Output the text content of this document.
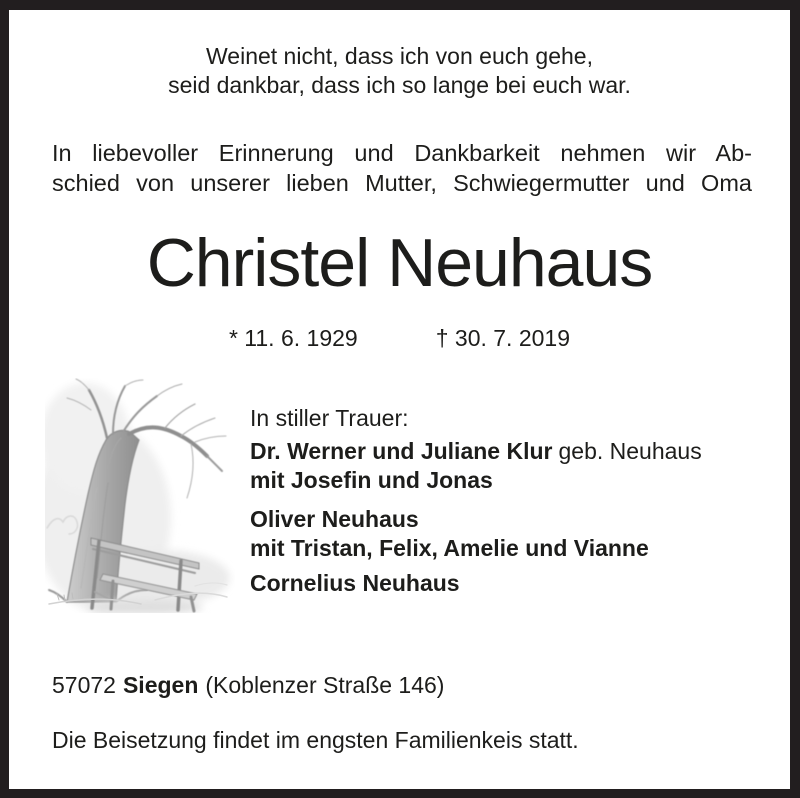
Weinet nicht, dass ich von euch gehe,
seid dankbar, dass ich so lange bei euch war.
In liebevoller Erinnerung und Dankbarkeit nehmen wir Ab-
schied von unserer lieben Mutter, Schwiegermutter und Oma
Christel Neuhaus
* 11. 6. 1929	† 30. 7. 2019
In stiller Trauer:
Dr. Werner und Juliane Klur geb. Neuhaus
mit Josefin und Jonas
Oliver Neuhaus
mit Tristan, Felix, Amelie und Vianne
Cornelius Neuhaus
57072 Siegen (Koblenzer Straße 146)
Die Beisetzung findet im engsten Familienkeis statt.
